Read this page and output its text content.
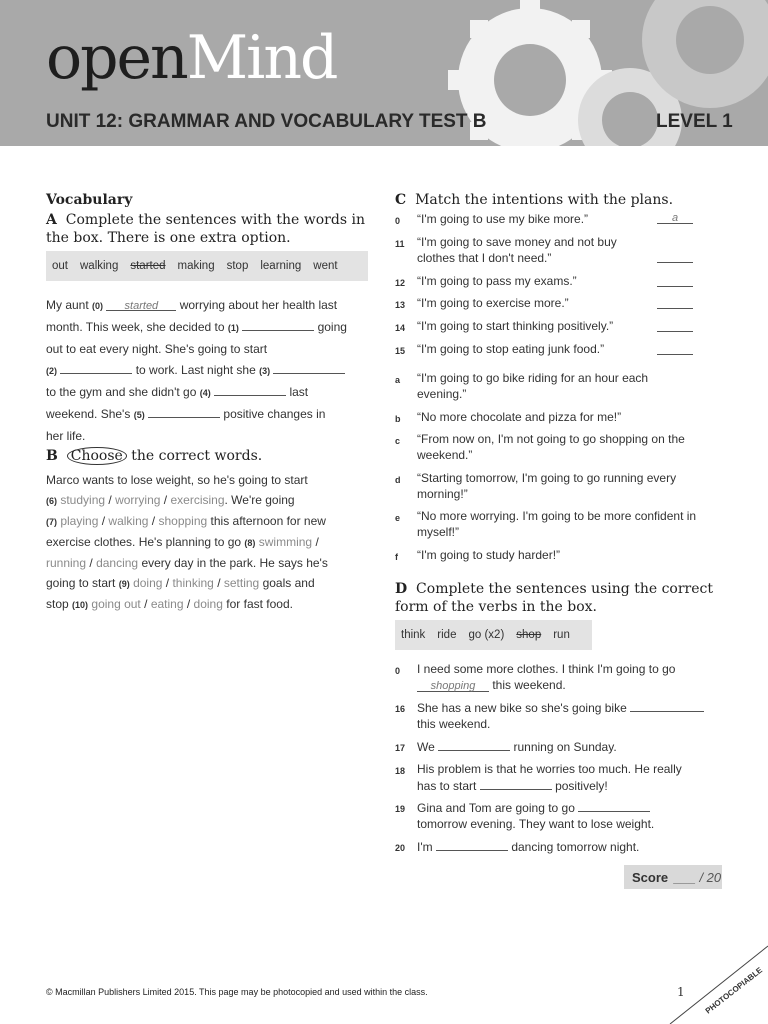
openMind
UNIT 12: GRAMMAR AND VOCABULARY TEST B	LEVEL 1
Vocabulary
A Complete the sentences with the words in the box. There is one extra option.
out walking started making stop learning went
My aunt (0) started worrying about her health last
month. This week, she decided to (1)	going
out to eat every night. She's going to start
(2)	to work. Last night she (3)
to the gym and she didn't go (4)	last
weekend. She's (5)	positive changes in
her life.
B Choose the correct words.
Marco wants to lose weight, so he's going to start
(6) studying / worrying / exercising. We're going
(7) playing / walking / shopping this afternoon for new
exercise clothes. He's planning to go (8) swimming /
running / dancing every day in the park. He says he's
going to start (9) doing / thinking / setting goals and
stop (10) going out / eating / doing for fast food.
C Match the intentions with the plans.
0 “I'm going to use my bike more.”	a
11 “I'm going to save money and not buy clothes that I don't need.”
12 “I'm going to pass my exams.”
13 “I'm going to exercise more.”
14 “I'm going to start thinking positively.”
15 “I'm going to stop eating junk food.”
a “I'm going to go bike riding for an hour each evening.”
b “No more chocolate and pizza for me!”
c “From now on, I'm not going to go shopping on the weekend.”
d “Starting tomorrow, I'm going to go running every morning!”
e “No more worrying. I'm going to be more confident in myself!”
f “I'm going to study harder!”
D Complete the sentences using the correct form of the verbs in the box.
think ride go (x2) shop run
0 I need some more clothes. I think I'm going to go
shopping this weekend.
16 She has a new bike so she's going bike
this weekend.
17 We	running on Sunday.
18 His problem is that he worries too much. He really
has to start	positively!
19 Gina and Tom are going to go
tomorrow evening. They want to lose weight.
20 I'm	dancing tomorrow night.
Score ___ / 20
© Macmillan Publishers Limited 2015. This page may be photocopied and used within the class.	1 PHOTOCOPIABLE
